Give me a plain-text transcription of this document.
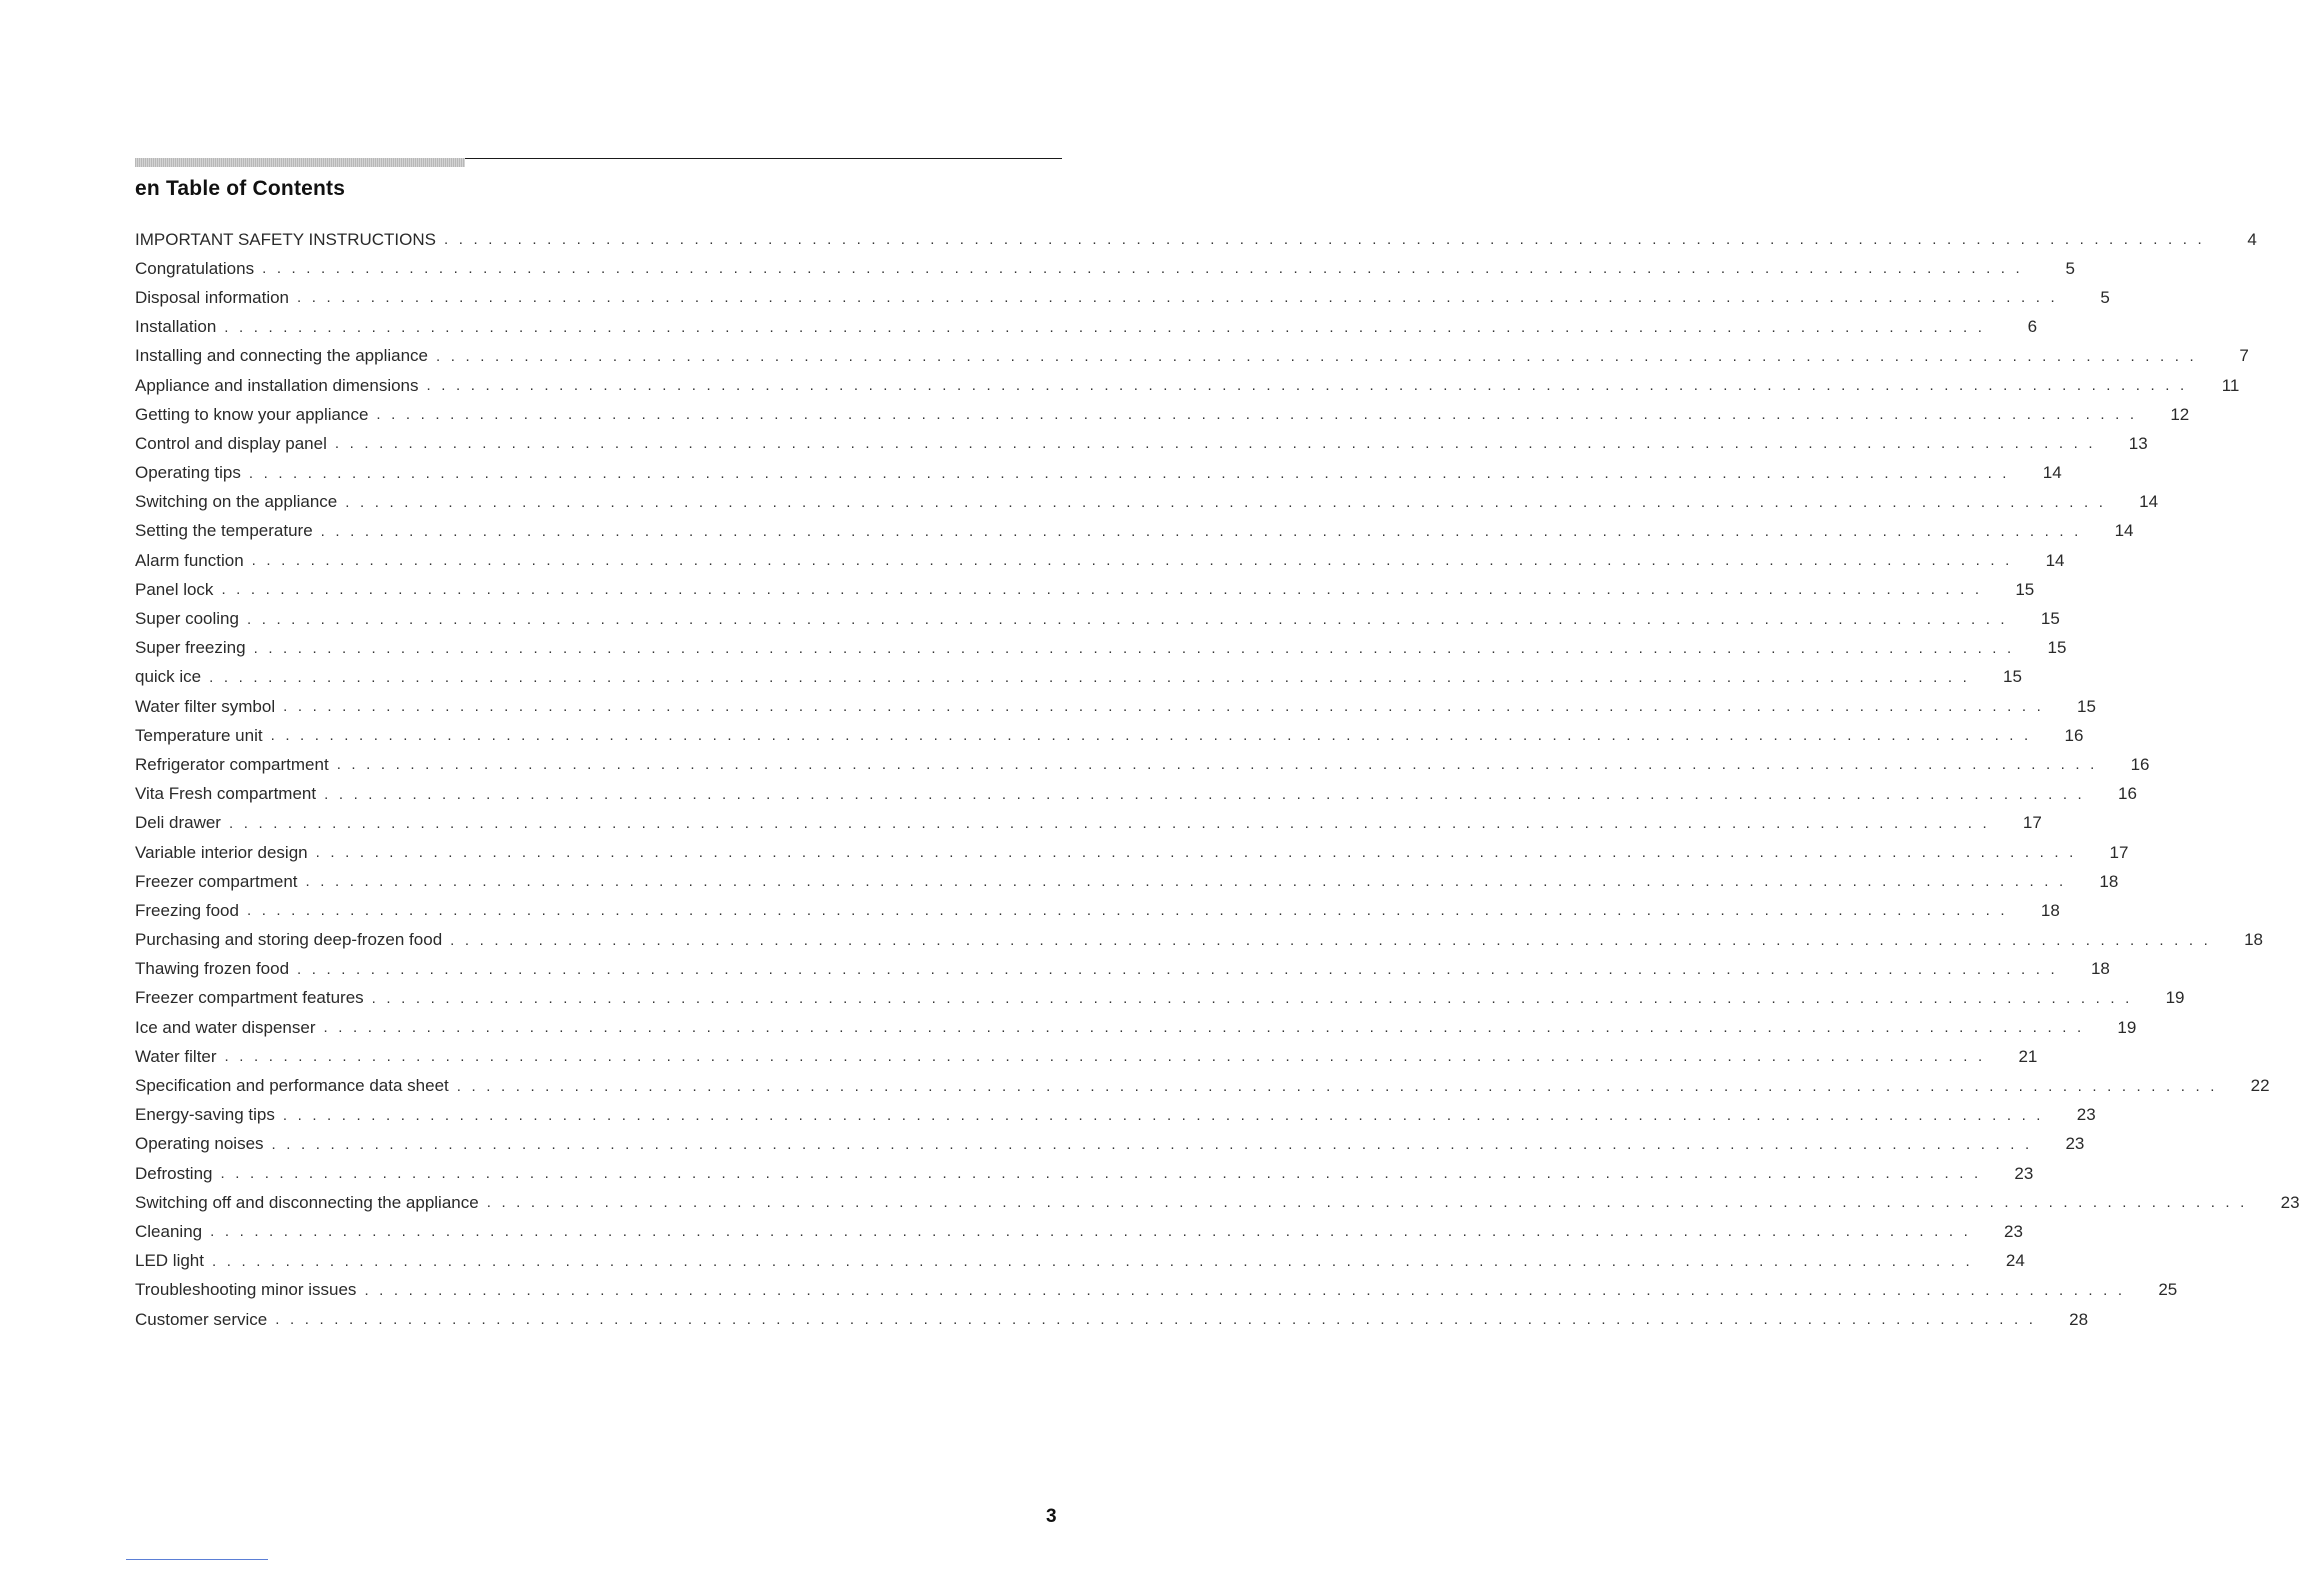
en Table of Contents
IMPORTANT SAFETY INSTRUCTIONS . . . . . . . . . . . . . . . . . . . . . . . . . . . . . . . . . . . . . . . . . . . . . . . . . . . . . . . . . . . . . . . . . . . . . . . . . . . . . . . . . . . . . . . . . . . . . . . . . . . . . . . . . . . . . . . . . . . . . . . .	4
Congratulations . . . . . . . . . . . . . . . . . . . . . . . . . . . . . . . . . . . . . . . . . . . . . . . . . . . . . . . . . . . . . . . . . . . . . . . . . . . . . . . . . . . . . . . . . . . . . . . . . . . . . . . . . . . . . . . . . . . . . . . .	5
Disposal information . . . . . . . . . . . . . . . . . . . . . . . . . . . . . . . . . . . . . . . . . . . . . . . . . . . . . . . . . . . . . . . . . . . . . . . . . . . . . . . . . . . . . . . . . . . . . . . . . . . . . . . . . . . . . . . . . . . . . . . .	5
Installation . . . . . . . . . . . . . . . . . . . . . . . . . . . . . . . . . . . . . . . . . . . . . . . . . . . . . . . . . . . . . . . . . . . . . . . . . . . . . . . . . . . . . . . . . . . . . . . . . . . . . . . . . . . . . . . . . . . . . . . .	6
Installing and connecting the appliance . . . . . . . . . . . . . . . . . . . . . . . . . . . . . . . . . . . . . . . . . . . . . . . . . . . . . . . . . . . . . . . . . . . . . . . . . . . . . . . . . . . . . . . . . . . . . . . . . . . . . . . . . . . . . . . . . . . . . . . .	7
Appliance and installation dimensions . . . . . . . . . . . . . . . . . . . . . . . . . . . . . . . . . . . . . . . . . . . . . . . . . . . . . . . . . . . . . . . . . . . . . . . . . . . . . . . . . . . . . . . . . . . . . . . . . . . . . . . . . . . . . . . . . . . . . . . .	11
Getting to know your appliance . . . . . . . . . . . . . . . . . . . . . . . . . . . . . . . . . . . . . . . . . . . . . . . . . . . . . . . . . . . . . . . . . . . . . . . . . . . . . . . . . . . . . . . . . . . . . . . . . . . . . . . . . . . . . . . . . . . . . . . .	12
Control and display panel . . . . . . . . . . . . . . . . . . . . . . . . . . . . . . . . . . . . . . . . . . . . . . . . . . . . . . . . . . . . . . . . . . . . . . . . . . . . . . . . . . . . . . . . . . . . . . . . . . . . . . . . . . . . . . . . . . . . . . . .	13
Operating tips . . . . . . . . . . . . . . . . . . . . . . . . . . . . . . . . . . . . . . . . . . . . . . . . . . . . . . . . . . . . . . . . . . . . . . . . . . . . . . . . . . . . . . . . . . . . . . . . . . . . . . . . . . . . . . . . . . . . . . . .	14
Switching on the appliance . . . . . . . . . . . . . . . . . . . . . . . . . . . . . . . . . . . . . . . . . . . . . . . . . . . . . . . . . . . . . . . . . . . . . . . . . . . . . . . . . . . . . . . . . . . . . . . . . . . . . . . . . . . . . . . . . . . . . . . .	14
Setting the temperature . . . . . . . . . . . . . . . . . . . . . . . . . . . . . . . . . . . . . . . . . . . . . . . . . . . . . . . . . . . . . . . . . . . . . . . . . . . . . . . . . . . . . . . . . . . . . . . . . . . . . . . . . . . . . . . . . . . . . . . .	14
Alarm function . . . . . . . . . . . . . . . . . . . . . . . . . . . . . . . . . . . . . . . . . . . . . . . . . . . . . . . . . . . . . . . . . . . . . . . . . . . . . . . . . . . . . . . . . . . . . . . . . . . . . . . . . . . . . . . . . . . . . . . .	14
Panel lock . . . . . . . . . . . . . . . . . . . . . . . . . . . . . . . . . . . . . . . . . . . . . . . . . . . . . . . . . . . . . . . . . . . . . . . . . . . . . . . . . . . . . . . . . . . . . . . . . . . . . . . . . . . . . . . . . . . . . . . .	15
Super cooling . . . . . . . . . . . . . . . . . . . . . . . . . . . . . . . . . . . . . . . . . . . . . . . . . . . . . . . . . . . . . . . . . . . . . . . . . . . . . . . . . . . . . . . . . . . . . . . . . . . . . . . . . . . . . . . . . . . . . . . .	15
Super freezing . . . . . . . . . . . . . . . . . . . . . . . . . . . . . . . . . . . . . . . . . . . . . . . . . . . . . . . . . . . . . . . . . . . . . . . . . . . . . . . . . . . . . . . . . . . . . . . . . . . . . . . . . . . . . . . . . . . . . . . .	15
quick ice . . . . . . . . . . . . . . . . . . . . . . . . . . . . . . . . . . . . . . . . . . . . . . . . . . . . . . . . . . . . . . . . . . . . . . . . . . . . . . . . . . . . . . . . . . . . . . . . . . . . . . . . . . . . . . . . . . . . . . . .	15
Water filter symbol . . . . . . . . . . . . . . . . . . . . . . . . . . . . . . . . . . . . . . . . . . . . . . . . . . . . . . . . . . . . . . . . . . . . . . . . . . . . . . . . . . . . . . . . . . . . . . . . . . . . . . . . . . . . . . . . . . . . . . . .	15
Temperature unit . . . . . . . . . . . . . . . . . . . . . . . . . . . . . . . . . . . . . . . . . . . . . . . . . . . . . . . . . . . . . . . . . . . . . . . . . . . . . . . . . . . . . . . . . . . . . . . . . . . . . . . . . . . . . . . . . . . . . . . .	16
Refrigerator compartment . . . . . . . . . . . . . . . . . . . . . . . . . . . . . . . . . . . . . . . . . . . . . . . . . . . . . . . . . . . . . . . . . . . . . . . . . . . . . . . . . . . . . . . . . . . . . . . . . . . . . . . . . . . . . . . . . . . . . . . .	16
Vita Fresh compartment . . . . . . . . . . . . . . . . . . . . . . . . . . . . . . . . . . . . . . . . . . . . . . . . . . . . . . . . . . . . . . . . . . . . . . . . . . . . . . . . . . . . . . . . . . . . . . . . . . . . . . . . . . . . . . . . . . . . . . . .	16
Deli drawer . . . . . . . . . . . . . . . . . . . . . . . . . . . . . . . . . . . . . . . . . . . . . . . . . . . . . . . . . . . . . . . . . . . . . . . . . . . . . . . . . . . . . . . . . . . . . . . . . . . . . . . . . . . . . . . . . . . . . . . .	17
Variable interior design . . . . . . . . . . . . . . . . . . . . . . . . . . . . . . . . . . . . . . . . . . . . . . . . . . . . . . . . . . . . . . . . . . . . . . . . . . . . . . . . . . . . . . . . . . . . . . . . . . . . . . . . . . . . . . . . . . . . . . . .	17
Freezer compartment . . . . . . . . . . . . . . . . . . . . . . . . . . . . . . . . . . . . . . . . . . . . . . . . . . . . . . . . . . . . . . . . . . . . . . . . . . . . . . . . . . . . . . . . . . . . . . . . . . . . . . . . . . . . . . . . . . . . . . . .	18
Freezing food . . . . . . . . . . . . . . . . . . . . . . . . . . . . . . . . . . . . . . . . . . . . . . . . . . . . . . . . . . . . . . . . . . . . . . . . . . . . . . . . . . . . . . . . . . . . . . . . . . . . . . . . . . . . . . . . . . . . . . . .	18
Purchasing and storing deep-frozen food . . . . . . . . . . . . . . . . . . . . . . . . . . . . . . . . . . . . . . . . . . . . . . . . . . . . . . . . . . . . . . . . . . . . . . . . . . . . . . . . . . . . . . . . . . . . . . . . . . . . . . . . . . . . . . . . . . . . . . . .	18
Thawing frozen food . . . . . . . . . . . . . . . . . . . . . . . . . . . . . . . . . . . . . . . . . . . . . . . . . . . . . . . . . . . . . . . . . . . . . . . . . . . . . . . . . . . . . . . . . . . . . . . . . . . . . . . . . . . . . . . . . . . . . . . .	18
Freezer compartment features . . . . . . . . . . . . . . . . . . . . . . . . . . . . . . . . . . . . . . . . . . . . . . . . . . . . . . . . . . . . . . . . . . . . . . . . . . . . . . . . . . . . . . . . . . . . . . . . . . . . . . . . . . . . . . . . . . . . . . . .	19
Ice and water dispenser . . . . . . . . . . . . . . . . . . . . . . . . . . . . . . . . . . . . . . . . . . . . . . . . . . . . . . . . . . . . . . . . . . . . . . . . . . . . . . . . . . . . . . . . . . . . . . . . . . . . . . . . . . . . . . . . . . . . . . . .	19
Water filter . . . . . . . . . . . . . . . . . . . . . . . . . . . . . . . . . . . . . . . . . . . . . . . . . . . . . . . . . . . . . . . . . . . . . . . . . . . . . . . . . . . . . . . . . . . . . . . . . . . . . . . . . . . . . . . . . . . . . . . .	21
Specification and performance data sheet . . . . . . . . . . . . . . . . . . . . . . . . . . . . . . . . . . . . . . . . . . . . . . . . . . . . . . . . . . . . . . . . . . . . . . . . . . . . . . . . . . . . . . . . . . . . . . . . . . . . . . . . . . . . . . . . . . . . . . . .	22
Energy-saving tips . . . . . . . . . . . . . . . . . . . . . . . . . . . . . . . . . . . . . . . . . . . . . . . . . . . . . . . . . . . . . . . . . . . . . . . . . . . . . . . . . . . . . . . . . . . . . . . . . . . . . . . . . . . . . . . . . . . . . . . .	23
Operating noises . . . . . . . . . . . . . . . . . . . . . . . . . . . . . . . . . . . . . . . . . . . . . . . . . . . . . . . . . . . . . . . . . . . . . . . . . . . . . . . . . . . . . . . . . . . . . . . . . . . . . . . . . . . . . . . . . . . . . . . .	23
Defrosting . . . . . . . . . . . . . . . . . . . . . . . . . . . . . . . . . . . . . . . . . . . . . . . . . . . . . . . . . . . . . . . . . . . . . . . . . . . . . . . . . . . . . . . . . . . . . . . . . . . . . . . . . . . . . . . . . . . . . . . .	23
Switching off and disconnecting the appliance . . . . . . . . . . . . . . . . . . . . . . . . . . . . . . . . . . . . . . . . . . . . . . . . . . . . . . . . . . . . . . . . . . . . . . . . . . . . . . . . . . . . . . . . . . . . . . . . . . . . . . . . . . . . . . . . . . . . . . . .	23
Cleaning . . . . . . . . . . . . . . . . . . . . . . . . . . . . . . . . . . . . . . . . . . . . . . . . . . . . . . . . . . . . . . . . . . . . . . . . . . . . . . . . . . . . . . . . . . . . . . . . . . . . . . . . . . . . . . . . . . . . . . . .	23
LED light . . . . . . . . . . . . . . . . . . . . . . . . . . . . . . . . . . . . . . . . . . . . . . . . . . . . . . . . . . . . . . . . . . . . . . . . . . . . . . . . . . . . . . . . . . . . . . . . . . . . . . . . . . . . . . . . . . . . . . . .	24
Troubleshooting minor issues . . . . . . . . . . . . . . . . . . . . . . . . . . . . . . . . . . . . . . . . . . . . . . . . . . . . . . . . . . . . . . . . . . . . . . . . . . . . . . . . . . . . . . . . . . . . . . . . . . . . . . . . . . . . . . . . . . . . . . . .	25
Customer service . . . . . . . . . . . . . . . . . . . . . . . . . . . . . . . . . . . . . . . . . . . . . . . . . . . . . . . . . . . . . . . . . . . . . . . . . . . . . . . . . . . . . . . . . . . . . . . . . . . . . . . . . . . . . . . . . . . . . . . .	28
3
